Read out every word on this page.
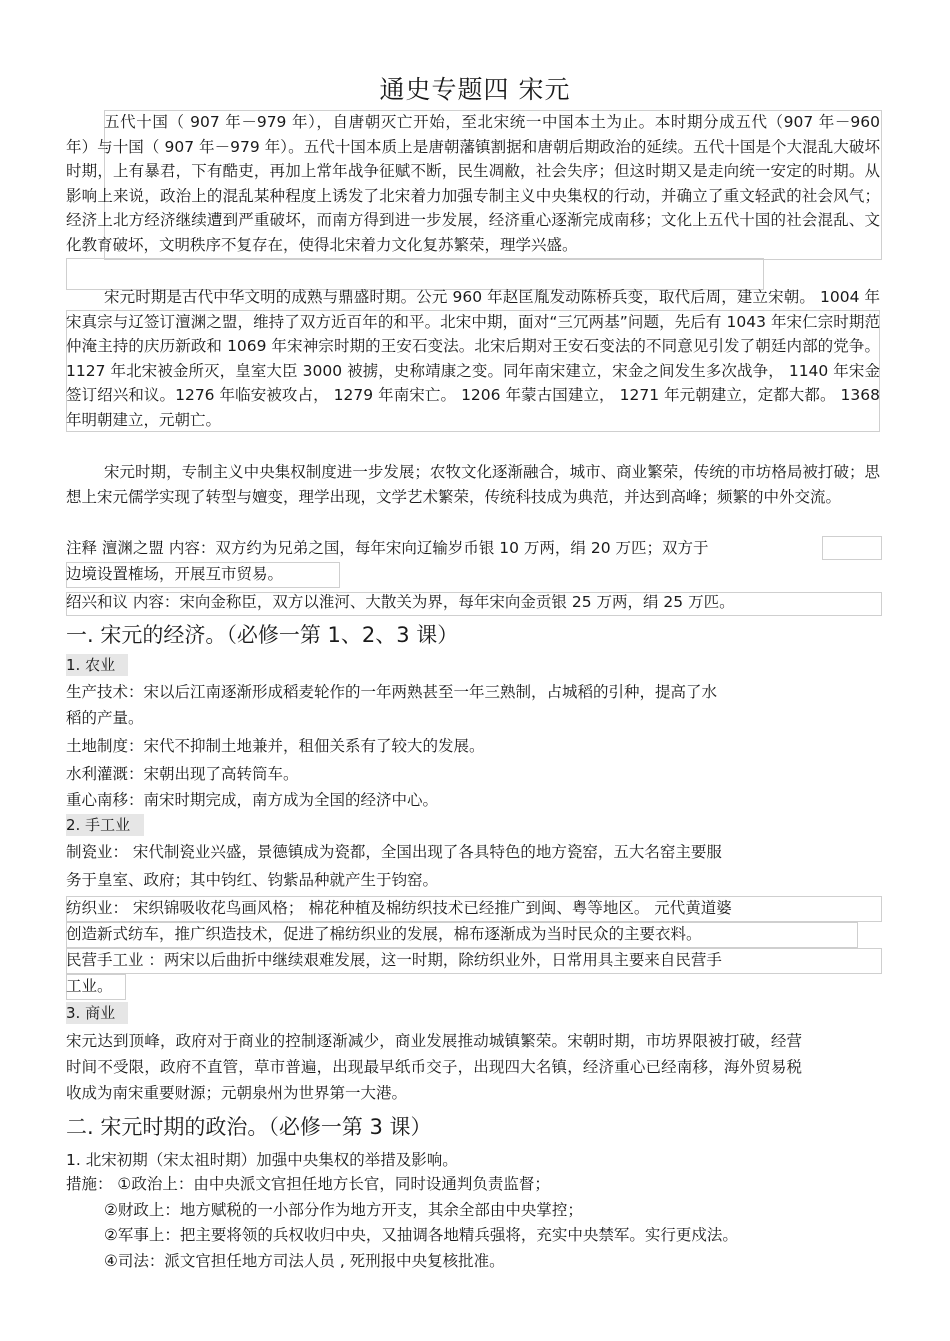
通史专题四 宋元

五代十国（ 907 年－979 年），自唐朝灭亡开始，至北宋统一中国本土为止。本时期分成五代（907 年－960 年）与十国（ 907 年－979 年）。五代十国本质上是唐朝藩镇割据和唐朝后期政治的延续。五代十国是个大混乱大破坏时期，上有暴君，下有酷吏，再加上常年战争征赋不断，民生凋敝，社会失序；但这时期又是走向统一安定的时期。从影响上来说，政治上的混乱某种程度上诱发了北宋着力加强专制主义中央集权的行动，并确立了重文轻武的社会风气；经济上北方经济继续遭到严重破坏，而南方得到进一步发展，经济重心逐渐完成南移；文化上五代十国的社会混乱、文化教育破坏，文明秩序不复存在，使得北宋着力文化复苏繁荣，理学兴盛。

宋元时期是古代中华文明的成熟与鼎盛时期。公元 960 年赵匡胤发动陈桥兵变，取代后周，建立宋朝。 1004 年宋真宗与辽签订澶渊之盟，维持了双方近百年的和平。北宋中期，面对“三冗两基”问题，先后有 1043 年宋仁宗时期范仲淹主持的庆历新政和 1069 年宋神宗时期的王安石变法。北宋后期对王安石变法的不同意见引发了朝廷内部的党争。 1127 年北宋被金所灭，皇室大臣 3000 被掳，史称靖康之变。同年南宋建立，宋金之间发生多次战争， 1140 年宋金签订绍兴和议。1276 年临安被攻占， 1279 年南宋亡。 1206 年蒙古国建立， 1271 年元朝建立，定都大都。 1368 年明朝建立，元朝亡。

宋元时期，专制主义中央集权制度进一步发展；农牧文化逐渐融合，城市、商业繁荣，传统的市坊格局被打破；思想上宋元儒学实现了转型与嬗变，理学出现，文学艺术繁荣，传统科技成为典范，并达到高峰；频繁的中外交流。

注释 澶渊之盟 内容：双方约为兄弟之国，每年宋向辽输岁币银 10 万两，绢 20 万匹；双方于
边境设置榷场，开展互市贸易。
绍兴和议 内容：宋向金称臣，双方以淮河、大散关为界，每年宋向金贡银 25 万两，绢 25 万匹。
一. 宋元的经济。（必修一第 1、2、3 课）
1. 农业
生产技术：宋以后江南逐渐形成稻麦轮作的一年两熟甚至一年三熟制，占城稻的引种，提高了水
稻的产量。
土地制度：宋代不抑制土地兼并，租佃关系有了较大的发展。
水利灌溉：宋朝出现了高转筒车。
重心南移：南宋时期完成，南方成为全国的经济中心。
2. 手工业
制瓷业： 宋代制瓷业兴盛，景德镇成为瓷都，全国出现了各具特色的地方瓷窑，五大名窑主要服
务于皇室、政府；其中钧红、钧紫品种就产生于钧窑。
纺织业： 宋织锦吸收花鸟画风格； 棉花种植及棉纺织技术已经推广到闽、粤等地区。 元代黄道婆
创造新式纺车，推广织造技术，促进了棉纺织业的发展，棉布逐渐成为当时民众的主要衣料。
民营手工业 ：两宋以后曲折中继续艰难发展，这一时期，除纺织业外，日常用具主要来自民营手
工业。
3. 商业

宋元达到顶峰，政府对于商业的控制逐渐减少，商业发展推动城镇繁荣。宋朝时期，市坊界限被打破，经营时间不受限，政府不直管，草市普遍，出现最早纸币交子，出现四大名镇，经济重心已经南移，海外贸易税收成为南宋重要财源；元朝泉州为世界第一大港。

二. 宋元时期的政治。（必修一第 3 课）
1. 北宋初期（宋太祖时期）加强中央集权的举措及影响。
措施： ①政治上：由中央派文官担任地方长官，同时设通判负责监督；
②财政上：地方赋税的一小部分作为地方开支，其余全部由中央掌控；
②军事上：把主要将领的兵权收归中央，又抽调各地精兵强将，充实中央禁军。实行更戍法。
④司法：派文官担任地方司法人员 , 死刑报中央复核批准。
